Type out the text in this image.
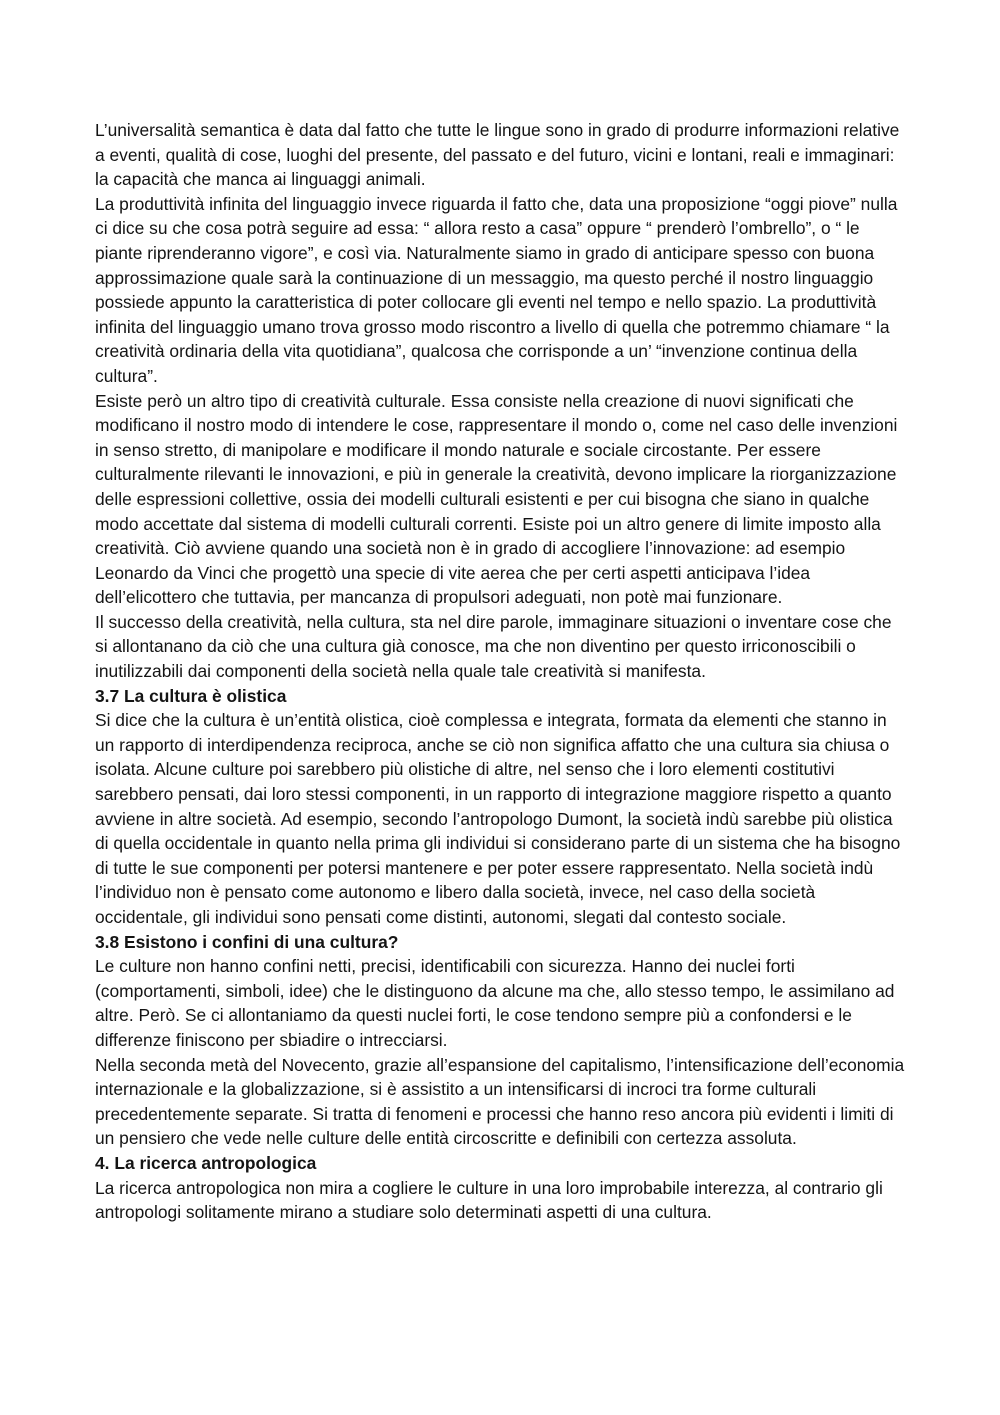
L’universalità semantica è data dal fatto che tutte le lingue sono in grado di produrre informazioni relative a eventi, qualità di cose, luoghi del presente, del passato e del futuro, vicini e lontani, reali e immaginari: la capacità che manca ai linguaggi animali.

La produttività infinita del linguaggio invece riguarda il fatto che, data una proposizione “oggi piove” nulla ci dice su che cosa potrà seguire ad essa: “ allora resto a casa” oppure “ prenderò l’ombrello”, o “ le piante riprenderanno vigore”, e così via. Naturalmente siamo in grado di anticipare spesso con buona approssimazione quale sarà la continuazione di un messaggio, ma questo perché il nostro linguaggio possiede appunto la caratteristica di poter collocare gli eventi nel tempo e nello spazio. La produttività infinita del linguaggio umano trova grosso modo riscontro a livello di quella che potremmo chiamare “ la creatività ordinaria della vita quotidiana”, qualcosa che corrisponde a un’ “invenzione continua della cultura”.

Esiste però un altro tipo di creatività culturale. Essa consiste nella creazione di nuovi significati che modificano il nostro modo di intendere le cose, rappresentare il mondo o, come nel caso delle invenzioni in senso stretto, di manipolare e modificare il mondo naturale e sociale circostante. Per essere culturalmente rilevanti le innovazioni, e più in generale la creatività, devono implicare la riorganizzazione delle espressioni collettive, ossia dei modelli culturali esistenti e per cui bisogna che siano in qualche modo accettate dal sistema di modelli culturali correnti. Esiste poi un altro genere di limite imposto alla creatività. Ciò avviene quando una società non è in grado di accogliere l’innovazione: ad esempio Leonardo da Vinci che progettò una specie di vite aerea che per certi aspetti anticipava l’idea dell’elicottero che tuttavia, per mancanza di propulsori adeguati, non potè mai funzionare.

Il successo della creatività, nella cultura, sta nel dire parole, immaginare situazioni o inventare cose che si allontanano da ciò che una cultura già conosce, ma che non diventino per questo irriconoscibili o inutilizzabili dai componenti della società nella quale tale creatività si manifesta.

3.7 La cultura è olistica

Si dice che la cultura è un’entità olistica, cioè complessa e integrata, formata da elementi che stanno in un rapporto di interdipendenza reciproca, anche se ciò non significa affatto che una cultura sia chiusa o isolata. Alcune culture poi sarebbero più olistiche di altre, nel senso che i loro elementi costitutivi sarebbero pensati, dai loro stessi componenti, in un rapporto di integrazione maggiore rispetto a quanto avviene in altre società. Ad esempio, secondo l’antropologo Dumont, la società indù sarebbe più olistica di quella occidentale in quanto nella prima gli individui si considerano parte di un sistema che ha bisogno di tutte le sue componenti per potersi mantenere e per poter essere rappresentato. Nella società indù l’individuo non è pensato come autonomo e libero dalla società, invece, nel caso della società occidentale, gli individui sono pensati come distinti, autonomi, slegati dal contesto sociale.

3.8 Esistono i confini di una cultura?

Le culture non hanno confini netti, precisi, identificabili con sicurezza. Hanno dei nuclei forti (comportamenti, simboli, idee) che le distinguono da alcune ma che, allo stesso tempo, le assimilano ad altre. Però. Se ci allontaniamo da questi nuclei forti, le cose tendono sempre più a confondersi e le differenze finiscono per sbiadire o intrecciarsi.

Nella seconda metà del Novecento, grazie all’espansione del capitalismo, l’intensificazione dell’economia internazionale e la globalizzazione, si è assistito a un intensificarsi di incroci tra forme culturali precedentemente separate. Si tratta di fenomeni e processi che hanno reso ancora più evidenti i limiti di un pensiero che vede nelle culture delle entità circoscritte e definibili con certezza assoluta.

4. La ricerca antropologica

La ricerca antropologica non mira a cogliere le culture in una loro improbabile interezza, al contrario gli antropologi solitamente mirano a studiare solo determinati aspetti di una cultura.
